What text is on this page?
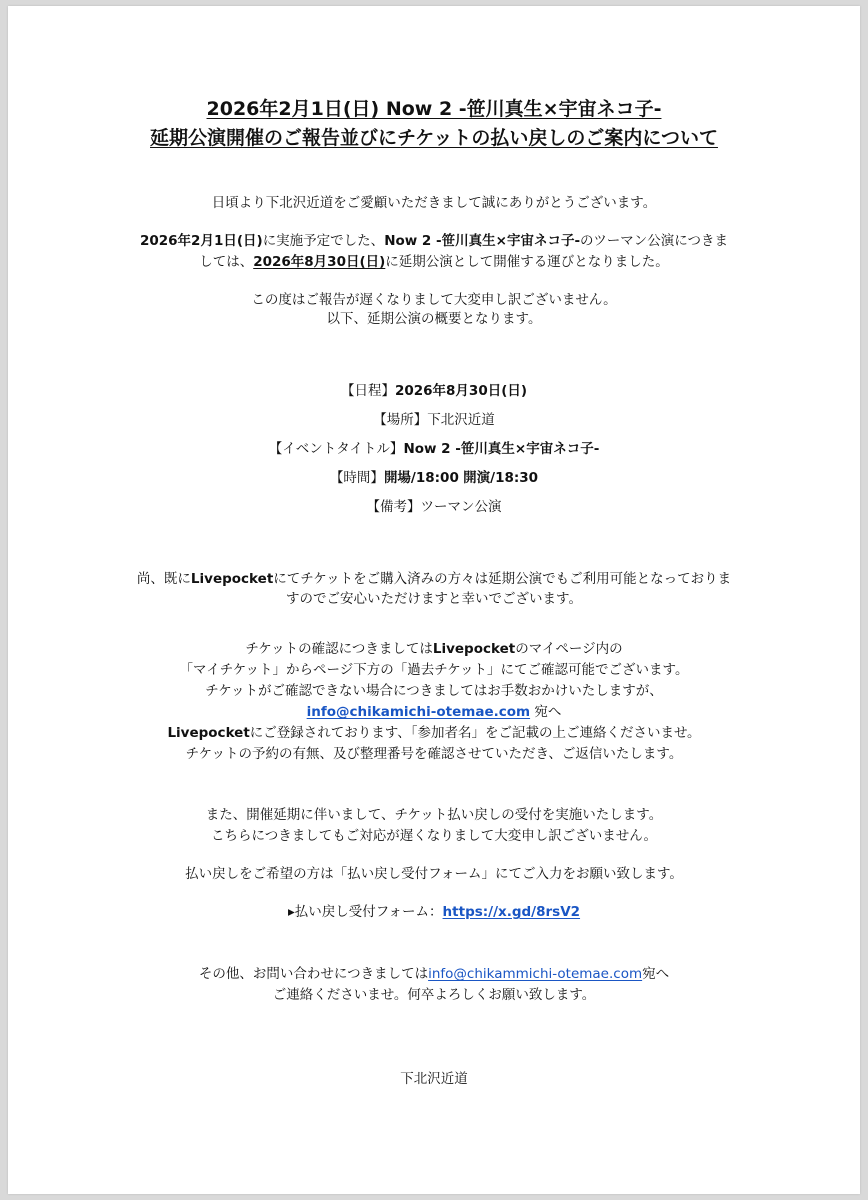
2026年2月1日(日) Now 2 -笹川真生×宇宙ネコ子-
延期公演開催のご報告並びにチケットの払い戻しのご案内について
日頃より下北沢近道をご愛顧いただきまして誠にありがとうございます。
2026年2月1日(日)に実施予定でした、Now 2 -笹川真生×宇宙ネコ子-のツーマン公演につきま
しては、2026年8月30日(日)に延期公演として開催する運びとなりました。
この度はご報告が遅くなりまして大変申し訳ございません。
以下、延期公演の概要となります。
【日程】2026年8月30日(日)
【場所】下北沢近道
【イベントタイトル】Now 2 -笹川真生×宇宙ネコ子-
【時間】開場/18:00 開演/18:30
【備考】ツーマン公演
尚、既にLivepocketにてチケットをご購入済みの方々は延期公演でもご利用可能となっておりま
すのでご安心いただけますと幸いでございます。
チケットの確認につきましてはLivepocketのマイページ内の
「マイチケット」からページ下方の「過去チケット」にてご確認可能でございます。
チケットがご確認できない場合につきましてはお手数おかけいたしますが、
info@chikamichi-otemae.com 宛へ
Livepocketにご登録されております、「参加者名」をご記載の上ご連絡くださいませ。
チケットの予約の有無、及び整理番号を確認させていただき、ご返信いたします。
また、開催延期に伴いまして、チケット払い戻しの受付を実施いたします。
こちらにつきましてもご対応が遅くなりまして大変申し訳ございません。
払い戻しをご希望の方は「払い戻し受付フォーム」にてご入力をお願い致します。
▸払い戻し受付フォーム：https://x.gd/8rsV2
その他、お問い合わせにつきましてはinfo@chikammichi-otemae.com宛へ
ご連絡くださいませ。何卒よろしくお願い致します。
下北沢近道
